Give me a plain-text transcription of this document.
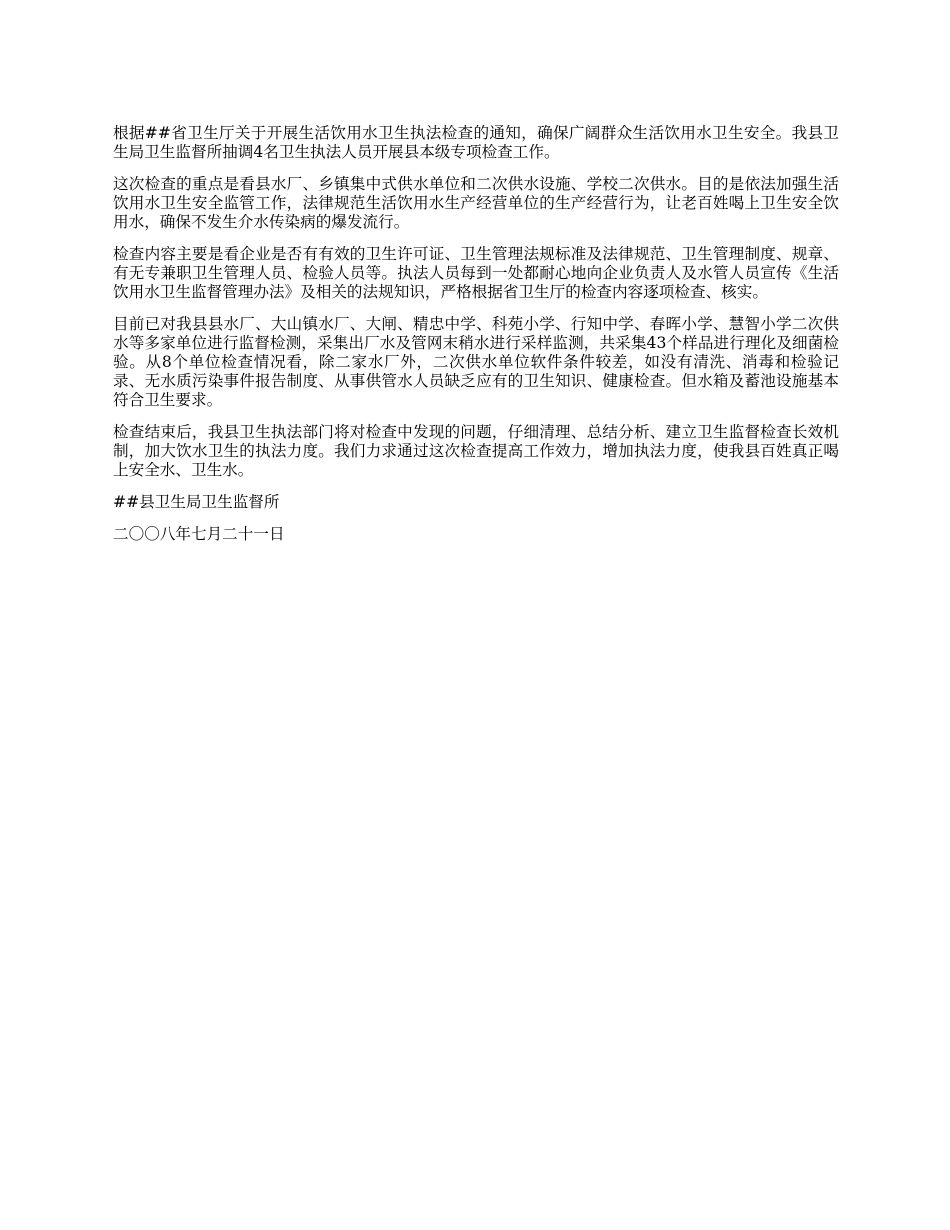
根据##省卫生厅关于开展生活饮用水卫生执法检查的通知，确保广阔群众生活饮用水卫生安全。我县卫生局卫生监督所抽调4名卫生执法人员开展县本级专项检查工作。

这次检查的重点是看县水厂、乡镇集中式供水单位和二次供水设施、学校二次供水。目的是依法加强生活饮用水卫生安全监管工作，法律规范生活饮用水生产经营单位的生产经营行为，让老百姓喝上卫生安全饮用水，确保不发生介水传染病的爆发流行。

检查内容主要是看企业是否有有效的卫生许可证、卫生管理法规标准及法律规范、卫生管理制度、规章、有无专兼职卫生管理人员、检验人员等。执法人员每到一处都耐心地向企业负责人及水管人员宣传《生活饮用水卫生监督管理办法》及相关的法规知识，严格根据省卫生厅的检查内容逐项检查、核实。

目前已对我县县水厂、大山镇水厂、大闸、精忠中学、科苑小学、行知中学、春晖小学、慧智小学二次供水等多家单位进行监督检测，采集出厂水及管网末稍水进行采样监测，共采集43个样品进行理化及细菌检验。从8个单位检查情况看，除二家水厂外，二次供水单位软件条件较差，如没有清洗、消毒和检验记录、无水质污染事件报告制度、从事供管水人员缺乏应有的卫生知识、健康检查。但水箱及蓄池设施基本符合卫生要求。

检查结束后，我县卫生执法部门将对检查中发现的问题，仔细清理、总结分析、建立卫生监督检查长效机制，加大饮水卫生的执法力度。我们力求通过这次检查提高工作效力，增加执法力度，使我县百姓真正喝上安全水、卫生水。

##县卫生局卫生监督所

二〇〇八年七月二十一日
